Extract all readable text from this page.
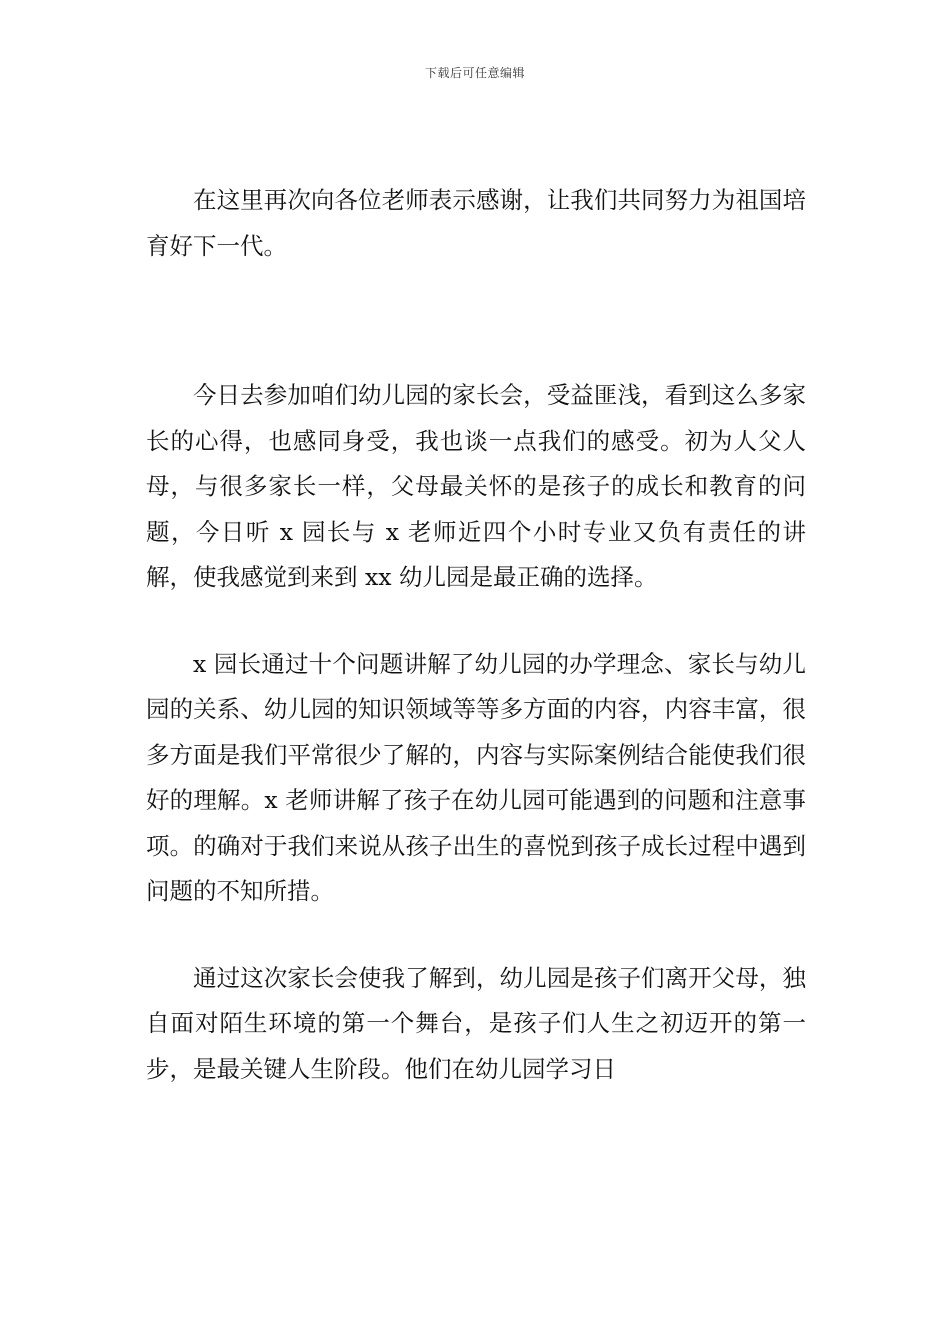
下载后可任意编辑

在这里再次向各位老师表示感谢，让我们共同努力为祖国培育好下一代。

今日去参加咱们幼儿园的家长会，受益匪浅，看到这么多家长的心得，也感同身受，我也谈一点我们的感受。初为人父人母，与很多家长一样，父母最关怀的是孩子的成长和教育的问题，今日听 x 园长与 x 老师近四个小时专业又负有责任的讲解，使我感觉到来到 xx 幼儿园是最正确的选择。

x 园长通过十个问题讲解了幼儿园的办学理念、家长与幼儿园的关系、幼儿园的知识领域等等多方面的内容，内容丰富，很多方面是我们平常很少了解的，内容与实际案例结合能使我们很好的理解。x 老师讲解了孩子在幼儿园可能遇到的问题和注意事项。的确对于我们来说从孩子出生的喜悦到孩子成长过程中遇到问题的不知所措。

通过这次家长会使我了解到，幼儿园是孩子们离开父母，独自面对陌生环境的第一个舞台，是孩子们人生之初迈开的第一步，是最关键人生阶段。他们在幼儿园学习日
